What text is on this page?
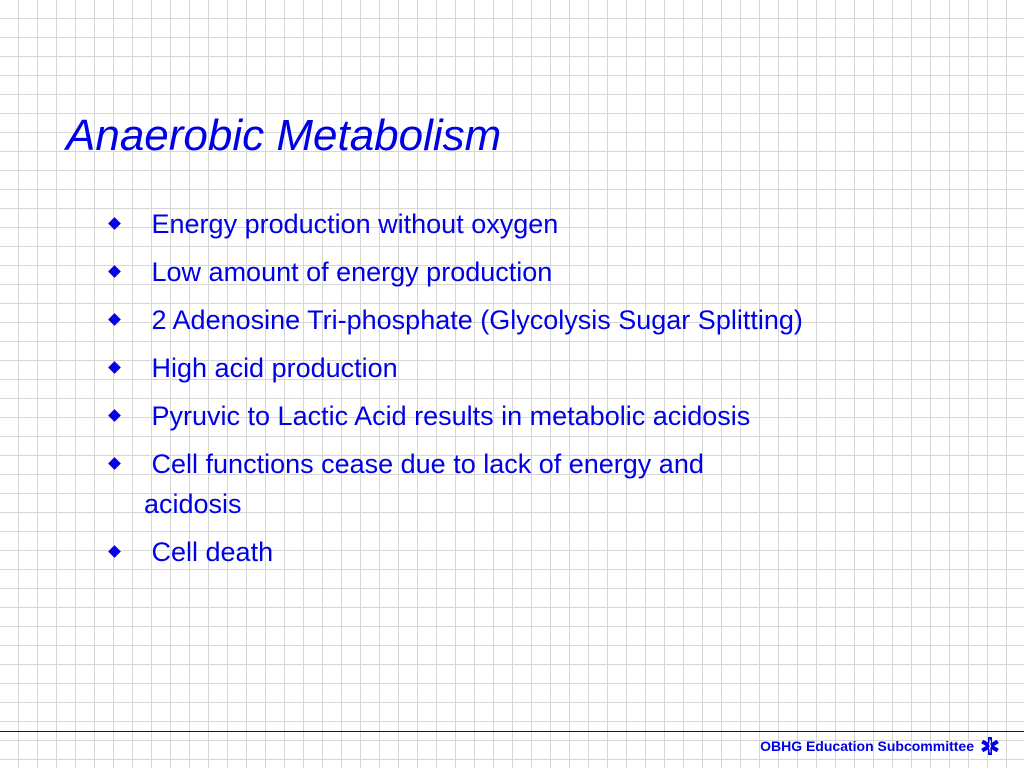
Anaerobic Metabolism
Energy production without oxygen
Low amount of energy production
2 Adenosine Tri-phosphate (Glycolysis Sugar Splitting)
High acid production
Pyruvic to Lactic Acid results in metabolic acidosis
Cell functions cease due to lack of energy and acidosis
Cell death
OBHG Education Subcommittee
